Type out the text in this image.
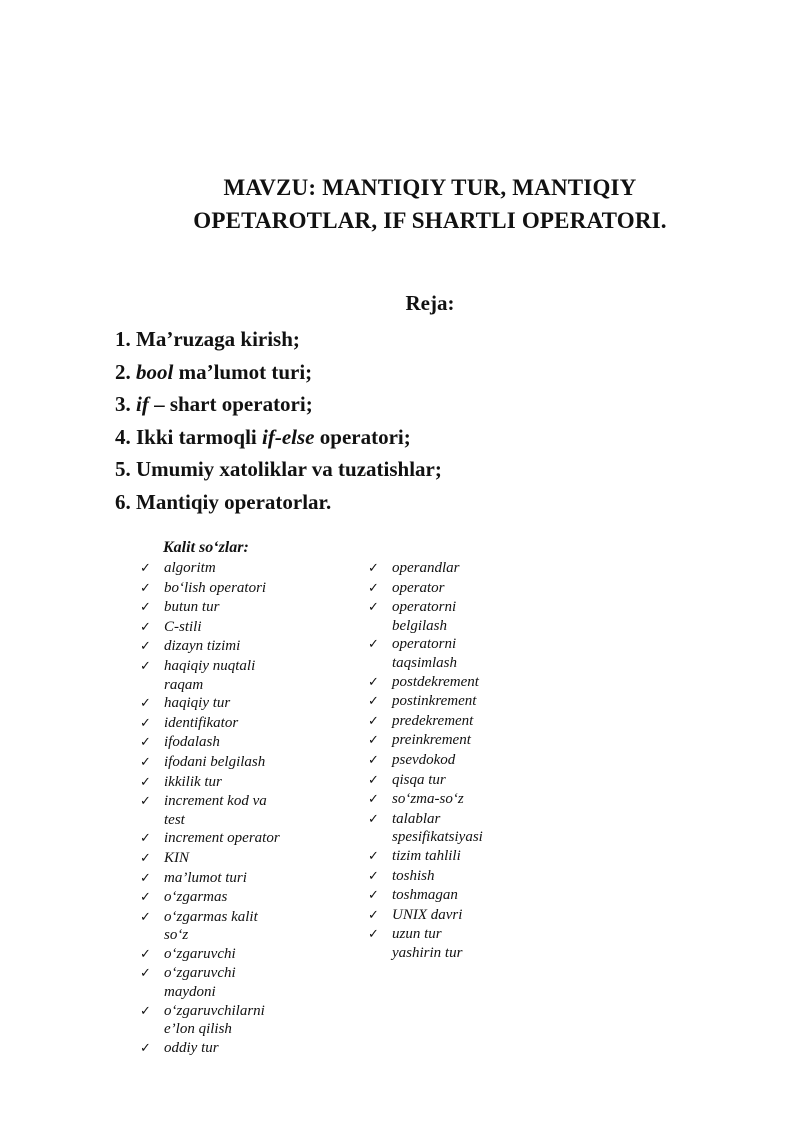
MAVZU: MANTIQIY TUR, MANTIQIY
OPETAROTLAR, IF SHARTLI OPERATORI.
Reja:
1. Ma’ruzaga kirish;
2. bool ma’lumot turi;
3. if – shart operatori;
4. Ikki tarmoqli if-else operatori;
5. Umumiy xatoliklar va tuzatishlar;
6. Mantiqiy operatorlar.
Kalit so‘zlar:
✓ algoritm
✓ bo‘lish operatori
✓ butun tur
✓ C-stili
✓ dizayn tizimi
✓ haqiqiy nuqtali
raqam
✓ haqiqiy tur
✓ identifikator
✓ ifodalash
✓ ifodani belgilash
✓ ikkilik tur
✓ increment kod va
test
✓ increment operator
✓ KIN
✓ ma’lumot turi
✓ o‘zgarmas
✓ o‘zgarmas kalit
so‘z
✓ o‘zgaruvchi
✓ o‘zgaruvchi
maydoni
✓ o‘zgaruvchilarni
e’lon qilish
✓ oddiy tur
✓ operandlar
✓ operator
✓ operatorni
belgilash
✓ operatorni
taqsimlash
✓ postdekrement
✓ postinkrement
✓ predekrement
✓ preinkrement
✓ psevdokod
✓ qisqa tur
✓ so‘zma-so‘z
✓ talablar
spesifikatsiyasi
✓ tizim tahlili
✓ toshish
✓ toshmagan
✓ UNIX davri
✓ uzun tur
yashirin tur
